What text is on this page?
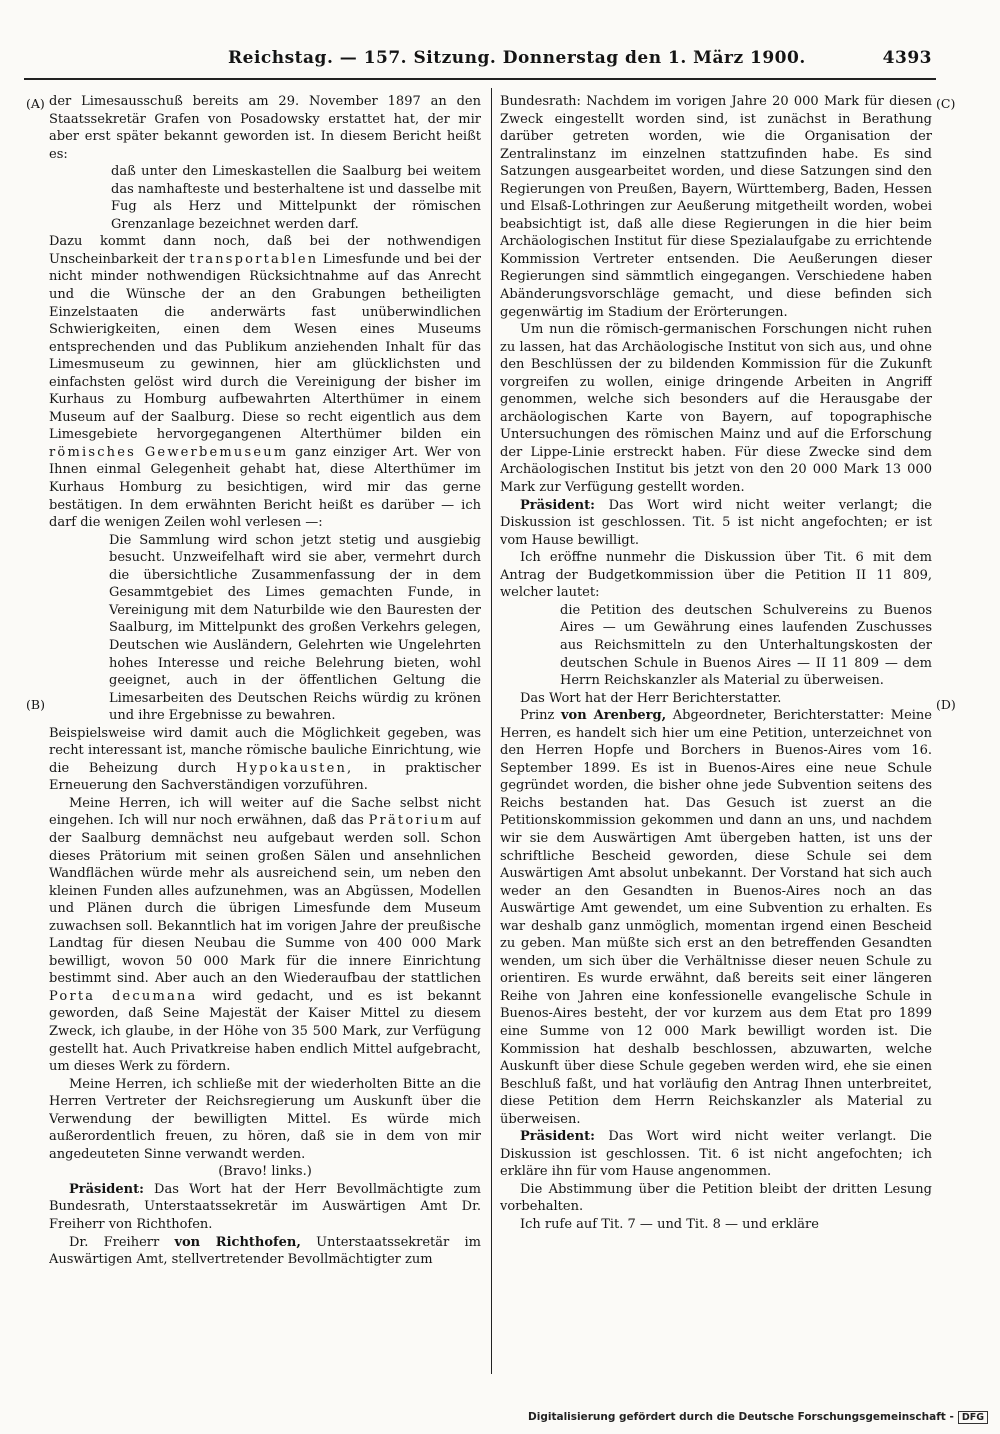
Reichstag. — 157. Sitzung. Donnerstag den 1. März 1900.	4393
(A)
(B)
(C)
(D)

der Limesausschuß bereits am 29. November 1897 an den Staatssekretär Grafen von Posadowsky erstattet hat, der mir aber erst später bekannt geworden ist. In diesem Bericht heißt es:

daß unter den Limeskastellen die Saalburg bei weitem das namhafteste und besterhaltene ist und dasselbe mit Fug als Herz und Mittelpunkt der römischen Grenzanlage bezeichnet werden darf.

Dazu kommt dann noch, daß bei der nothwendigen Unscheinbarkeit der transportablen Limesfunde und bei der nicht minder nothwendigen Rücksichtnahme auf das Anrecht und die Wünsche der an den Grabungen betheiligten Einzelstaaten die anderwärts fast unüberwindlichen Schwierigkeiten, einen dem Wesen eines Museums entsprechenden und das Publikum anziehenden Inhalt für das Limesmuseum zu gewinnen, hier am glücklichsten und einfachsten gelöst wird durch die Vereinigung der bisher im Kurhaus zu Homburg aufbewahrten Alterthümer in einem Museum auf der Saalburg. Diese so recht eigentlich aus dem Limesgebiete hervorgegangenen Alterthümer bilden ein römisches Gewerbemuseum ganz einziger Art. Wer von Ihnen einmal Gelegenheit gehabt hat, diese Alterthümer im Kurhaus Homburg zu besichtigen, wird mir das gerne bestätigen. In dem erwähnten Bericht heißt es darüber — ich darf die wenigen Zeilen wohl verlesen —:

Die Sammlung wird schon jetzt stetig und ausgiebig besucht. Unzweifelhaft wird sie aber, vermehrt durch die übersichtliche Zusammenfassung der in dem Gesammtgebiet des Limes gemachten Funde, in Vereinigung mit dem Naturbilde wie den Bauresten der Saalburg, im Mittelpunkt des großen Verkehrs gelegen, Deutschen wie Ausländern, Gelehrten wie Ungelehrten hohes Interesse und reiche Belehrung bieten, wohl geeignet, auch in der öffentlichen Geltung die Limesarbeiten des Deutschen Reichs würdig zu krönen und ihre Ergebnisse zu bewahren.

Beispielsweise wird damit auch die Möglichkeit gegeben, was recht interessant ist, manche römische bauliche Einrichtung, wie die Beheizung durch Hypokausten, in praktischer Erneuerung den Sachverständigen vorzuführen.

Meine Herren, ich will weiter auf die Sache selbst nicht eingehen. Ich will nur noch erwähnen, daß das Prätorium auf der Saalburg demnächst neu aufgebaut werden soll. Schon dieses Prätorium mit seinen großen Sälen und ansehnlichen Wandflächen würde mehr als ausreichend sein, um neben den kleinen Funden alles aufzunehmen, was an Abgüssen, Modellen und Plänen durch die übrigen Limesfunde dem Museum zuwachsen soll. Bekanntlich hat im vorigen Jahre der preußische Landtag für diesen Neubau die Summe von 400 000 Mark bewilligt, wovon 50 000 Mark für die innere Einrichtung bestimmt sind. Aber auch an den Wiederaufbau der stattlichen Porta decumana wird gedacht, und es ist bekannt geworden, daß Seine Majestät der Kaiser Mittel zu diesem Zweck, ich glaube, in der Höhe von 35 500 Mark, zur Verfügung gestellt hat. Auch Privatkreise haben endlich Mittel aufgebracht, um dieses Werk zu fördern.

Meine Herren, ich schließe mit der wiederholten Bitte an die Herren Vertreter der Reichsregierung um Auskunft über die Verwendung der bewilligten Mittel. Es würde mich außerordentlich freuen, zu hören, daß sie in dem von mir angedeuteten Sinne verwandt werden.

(Bravo! links.)

Präsident: Das Wort hat der Herr Bevollmächtigte zum Bundesrath, Unterstaatssekretär im Auswärtigen Amt Dr. Freiherr von Richthofen.

Dr. Freiherr von Richthofen, Unterstaatssekretär im Auswärtigen Amt, stellvertretender Bevollmächtigter zum

Bundesrath: Nachdem im vorigen Jahre 20 000 Mark für diesen Zweck eingestellt worden sind, ist zunächst in Berathung darüber getreten worden, wie die Organisation der Zentralinstanz im einzelnen stattzufinden habe. Es sind Satzungen ausgearbeitet worden, und diese Satzungen sind den Regierungen von Preußen, Bayern, Württemberg, Baden, Hessen und Elsaß-Lothringen zur Aeußerung mitgetheilt worden, wobei beabsichtigt ist, daß alle diese Regierungen in die hier beim Archäologischen Institut für diese Spezialaufgabe zu errichtende Kommission Vertreter entsenden. Die Aeußerungen dieser Regierungen sind sämmtlich eingegangen. Verschiedene haben Abänderungsvorschläge gemacht, und diese befinden sich gegenwärtig im Stadium der Erörterungen.

Um nun die römisch-germanischen Forschungen nicht ruhen zu lassen, hat das Archäologische Institut von sich aus, und ohne den Beschlüssen der zu bildenden Kommission für die Zukunft vorgreifen zu wollen, einige dringende Arbeiten in Angriff genommen, welche sich besonders auf die Herausgabe der archäologischen Karte von Bayern, auf topographische Untersuchungen des römischen Mainz und auf die Erforschung der Lippe-Linie erstreckt haben. Für diese Zwecke sind dem Archäologischen Institut bis jetzt von den 20 000 Mark 13 000 Mark zur Verfügung gestellt worden.

Präsident: Das Wort wird nicht weiter verlangt; die Diskussion ist geschlossen. Tit. 5 ist nicht angefochten; er ist vom Hause bewilligt.

Ich eröffne nunmehr die Diskussion über Tit. 6 mit dem Antrag der Budgetkommission über die Petition II 11 809, welcher lautet:

die Petition des deutschen Schulvereins zu Buenos Aires — um Gewährung eines laufenden Zuschusses aus Reichsmitteln zu den Unterhaltungskosten der deutschen Schule in Buenos Aires — II 11 809 — dem Herrn Reichskanzler als Material zu überweisen.

Das Wort hat der Herr Berichterstatter.

Prinz von Arenberg, Abgeordneter, Berichterstatter: Meine Herren, es handelt sich hier um eine Petition, unterzeichnet von den Herren Hopfe und Borchers in Buenos-Aires vom 16. September 1899. Es ist in Buenos-Aires eine neue Schule gegründet worden, die bisher ohne jede Subvention seitens des Reichs bestanden hat. Das Gesuch ist zuerst an die Petitionskommission gekommen und dann an uns, und nachdem wir sie dem Auswärtigen Amt übergeben hatten, ist uns der schriftliche Bescheid geworden, diese Schule sei dem Auswärtigen Amt absolut unbekannt. Der Vorstand hat sich auch weder an den Gesandten in Buenos-Aires noch an das Auswärtige Amt gewendet, um eine Subvention zu erhalten. Es war deshalb ganz unmöglich, momentan irgend einen Bescheid zu geben. Man müßte sich erst an den betreffenden Gesandten wenden, um sich über die Verhältnisse dieser neuen Schule zu orientiren. Es wurde erwähnt, daß bereits seit einer längeren Reihe von Jahren eine konfessionelle evangelische Schule in Buenos-Aires besteht, der vor kurzem aus dem Etat pro 1899 eine Summe von 12 000 Mark bewilligt worden ist. Die Kommission hat deshalb beschlossen, abzuwarten, welche Auskunft über diese Schule gegeben werden wird, ehe sie einen Beschluß faßt, und hat vorläufig den Antrag Ihnen unterbreitet, diese Petition dem Herrn Reichskanzler als Material zu überweisen.

Präsident: Das Wort wird nicht weiter verlangt. Die Diskussion ist geschlossen. Tit. 6 ist nicht angefochten; ich erkläre ihn für vom Hause angenommen.

Die Abstimmung über die Petition bleibt der dritten Lesung vorbehalten.

Ich rufe auf Tit. 7 — und Tit. 8 — und erkläre

Digitalisierung gefördert durch die Deutsche Forschungsgemeinschaft - DFG
